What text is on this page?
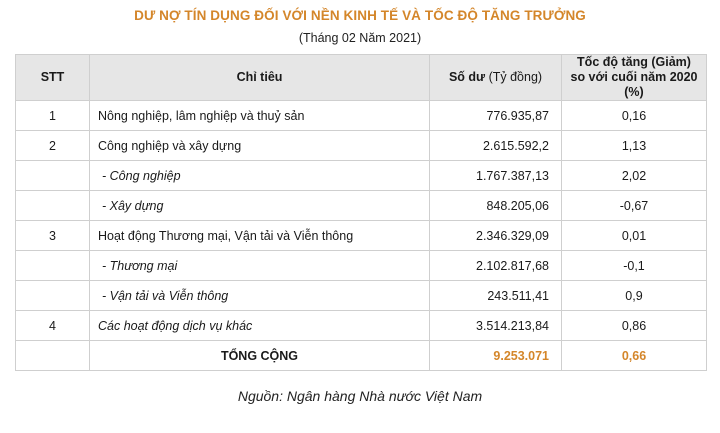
DƯ NỢ TÍN DỤNG ĐỐI VỚI NỀN KINH TẾ VÀ TỐC ĐỘ TĂNG TRƯỞNG
(Tháng 02 Năm 2021)
STT	Chỉ tiêu	Số dư (Tỷ đồng)	Tốc độ tăng (Giảm) so với cuối năm 2020 (%)
1	Nông nghiệp, lâm nghiệp và thuỷ sản	776.935,87	0,16
2	Công nghiệp và xây dựng	2.615.592,2	1,13
	- Công nghiệp	1.767.387,13	2,02
	- Xây dựng	848.205,06	-0,67
3	Hoạt động Thương mại, Vận tải và Viễn thông	2.346.329,09	0,01
	- Thương mại	2.102.817,68	-0,1
	- Vận tải và Viễn thông	243.511,41	0,9
4	Các hoạt động dịch vụ khác	3.514.213,84	0,86
	TỔNG CỘNG	9.253.071	0,66
Nguồn: Ngân hàng Nhà nước Việt Nam
